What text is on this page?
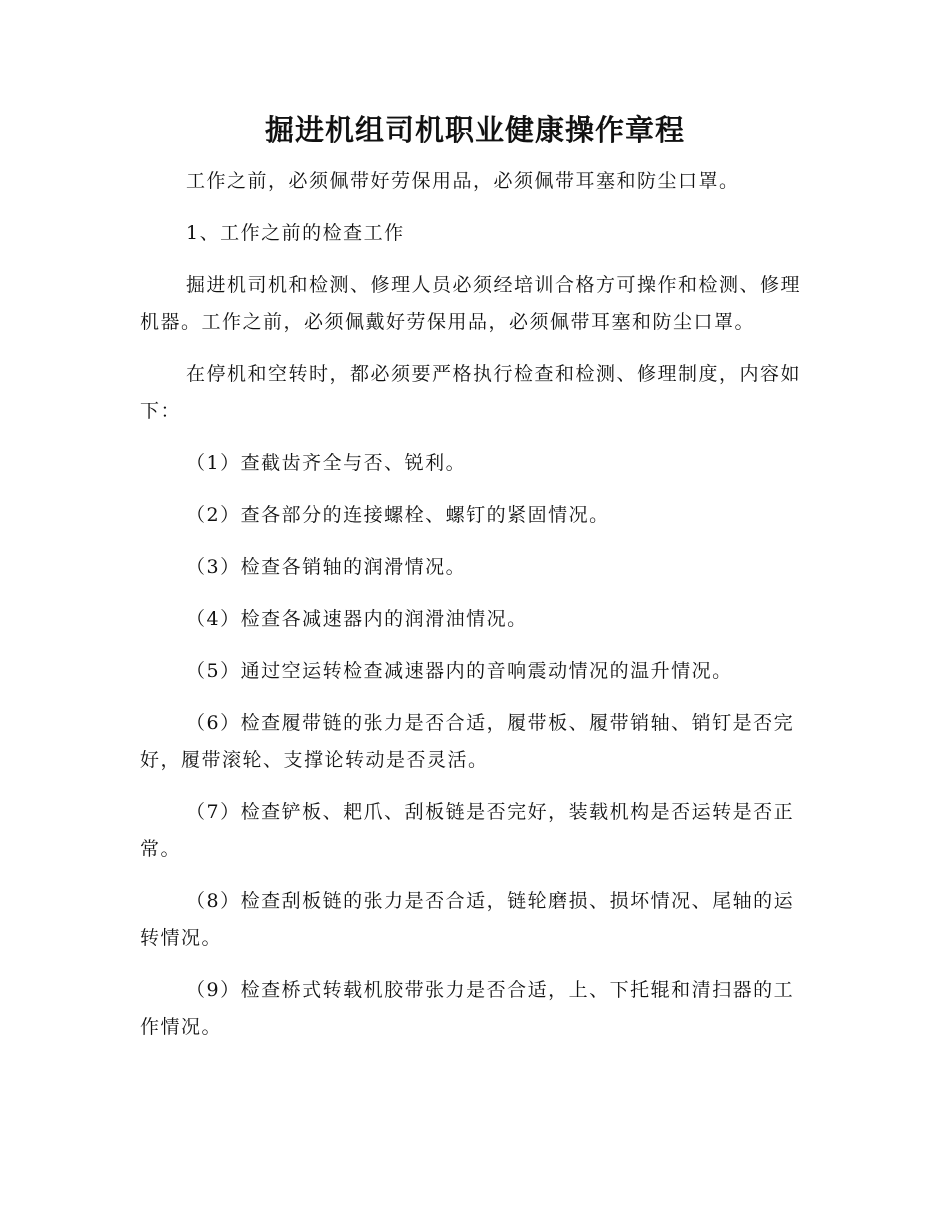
掘进机组司机职业健康操作章程

工作之前，必须佩带好劳保用品，必须佩带耳塞和防尘口罩。

1、工作之前的检查工作

掘进机司机和检测、修理人员必须经培训合格方可操作和检测、修理机器。工作之前，必须佩戴好劳保用品，必须佩带耳塞和防尘口罩。

在停机和空转时，都必须要严格执行检查和检测、修理制度，内容如下：

（1）查截齿齐全与否、锐利。

（2）查各部分的连接螺栓、螺钉的紧固情况。

（3）检查各销轴的润滑情况。

（4）检查各减速器内的润滑油情况。

（5）通过空运转检查减速器内的音响震动情况的温升情况。

（6）检查履带链的张力是否合适，履带板、履带销轴、销钉是否完好，履带滚轮、支撑论转动是否灵活。

（7）检查铲板、耙爪、刮板链是否完好，装载机构是否运转是否正常。

（8）检查刮板链的张力是否合适，链轮磨损、损坏情况、尾轴的运转情况。

（9）检查桥式转载机胶带张力是否合适，上、下托辊和清扫器的工作情况。
